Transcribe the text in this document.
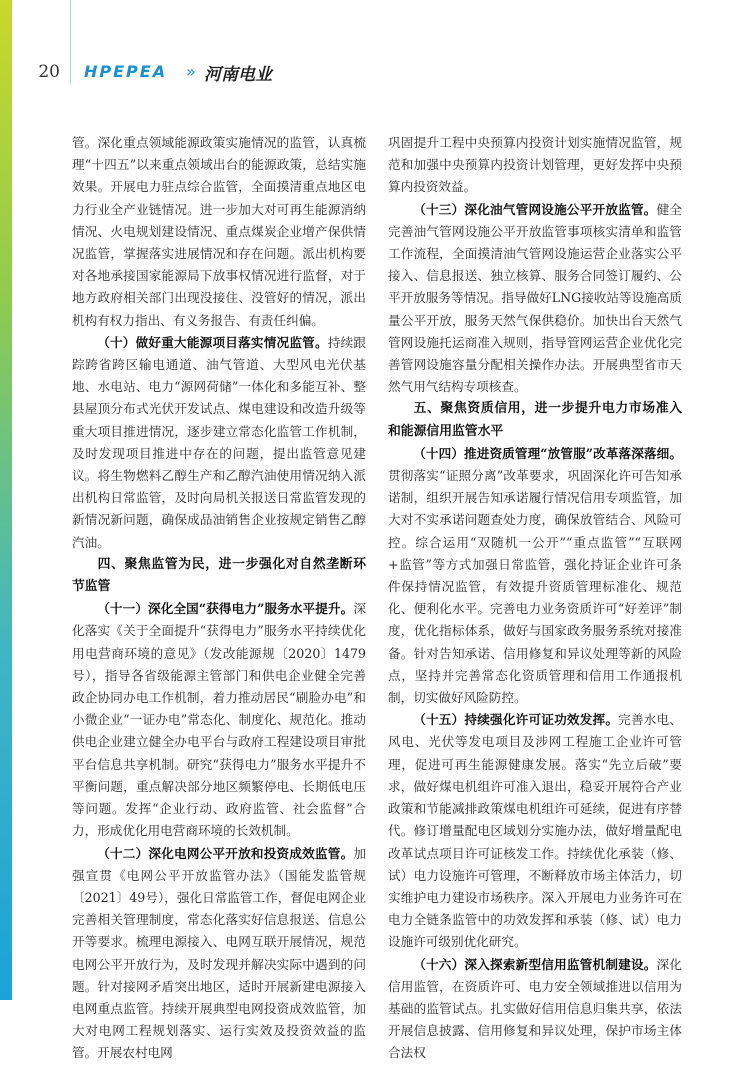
20 HPEPEA » 河南电业

管。深化重点领域能源政策实施情况的监管，认真梳理“十四五”以来重点领域出台的能源政策，总结实施效果。开展电力驻点综合监管，全面摸清重点地区电力行业全产业链情况。进一步加大对可再生能源消纳情况、火电规划建设情况、重点煤炭企业增产保供情况监管，掌握落实进展情况和存在问题。派出机构要对各地承接国家能源局下放事权情况进行监督，对于地方政府相关部门出现没接住、没管好的情况，派出机构有权力指出、有义务报告、有责任纠偏。

（十）做好重大能源项目落实情况监管。持续跟踪跨省跨区输电通道、油气管道、大型风电光伏基地、水电站、电力“源网荷储”一体化和多能互补、整县屋顶分布式光伏开发试点、煤电建设和改造升级等重大项目推进情况，逐步建立常态化监管工作机制，及时发现项目推进中存在的问题，提出监管意见建议。将生物燃料乙醇生产和乙醇汽油使用情况纳入派出机构日常监管，及时向局机关报送日常监管发现的新情况新问题，确保成品油销售企业按规定销售乙醇汽油。

四、聚焦监管为民，进一步强化对自然垄断环节监管

（十一）深化全国“获得电力”服务水平提升。深化落实《关于全面提升“获得电力”服务水平持续优化用电营商环境的意见》（发改能源规〔2020〕1479号），指导各省级能源主管部门和供电企业健全完善政企协同办电工作机制，着力推动居民“刷脸办电”和小微企业“一证办电”常态化、制度化、规范化。推动供电企业建立健全办电平台与政府工程建设项目审批平台信息共享机制。研究“获得电力”服务水平提升不平衡问题，重点解决部分地区频繁停电、长期低电压等问题。发挥“企业行动、政府监管、社会监督”合力，形成优化用电营商环境的长效机制。

（十二）深化电网公平开放和投资成效监管。加强宣贯《电网公平开放监管办法》（国能发监管规〔2021〕49号），强化日常监管工作，督促电网企业完善相关管理制度，常态化落实好信息报送、信息公开等要求。梳理电源接入、电网互联开展情况，规范电网公平开放行为，及时发现并解决实际中遇到的问题。针对接网矛盾突出地区，适时开展新建电源接入电网重点监管。持续开展典型电网投资成效监管，加大对电网工程规划落实、运行实效及投资效益的监管。开展农村电网

巩固提升工程中央预算内投资计划实施情况监管，规范和加强中央预算内投资计划管理，更好发挥中央预算内投资效益。

（十三）深化油气管网设施公平开放监管。健全完善油气管网设施公平开放监管事项核实清单和监管工作流程，全面摸清油气管网设施运营企业落实公平接入、信息报送、独立核算、服务合同签订履约、公平开放服务等情况。指导做好LNG接收站等设施高质量公平开放，服务天然气保供稳价。加快出台天然气管网设施托运商准入规则，指导管网运营企业优化完善管网设施容量分配相关操作办法。开展典型省市天然气用气结构专项核查。

五、聚焦资质信用，进一步提升电力市场准入和能源信用监管水平

（十四）推进资质管理“放管服”改革落深落细。贯彻落实“证照分离”改革要求，巩固深化许可告知承诺制，组织开展告知承诺履行情况信用专项监管，加大对不实承诺问题查处力度，确保放管结合、风险可控。综合运用“双随机一公开”“重点监管”“互联网+监管”等方式加强日常监管，强化持证企业许可条件保持情况监管，有效提升资质管理标准化、规范化、便利化水平。完善电力业务资质许可“好差评”制度，优化指标体系，做好与国家政务服务系统对接准备。针对告知承诺、信用修复和异议处理等新的风险点，坚持并完善常态化资质管理和信用工作通报机制，切实做好风险防控。

（十五）持续强化许可证功效发挥。完善水电、风电、光伏等发电项目及涉网工程施工企业许可管理，促进可再生能源健康发展。落实“先立后破”要求，做好煤电机组许可准入退出，稳妥开展符合产业政策和节能减排政策煤电机组许可延续，促进有序替代。修订增量配电区域划分实施办法，做好增量配电改革试点项目许可证核发工作。持续优化承装（修、试）电力设施许可管理，不断释放市场主体活力，切实维护电力建设市场秩序。深入开展电力业务许可在电力全链条监管中的功效发挥和承装（修、试）电力设施许可级别优化研究。

（十六）深入探索新型信用监管机制建设。深化信用监管，在资质许可、电力安全领域推进以信用为基础的监管试点。扎实做好信用信息归集共享，依法开展信息披露、信用修复和异议处理，保护市场主体合法权
